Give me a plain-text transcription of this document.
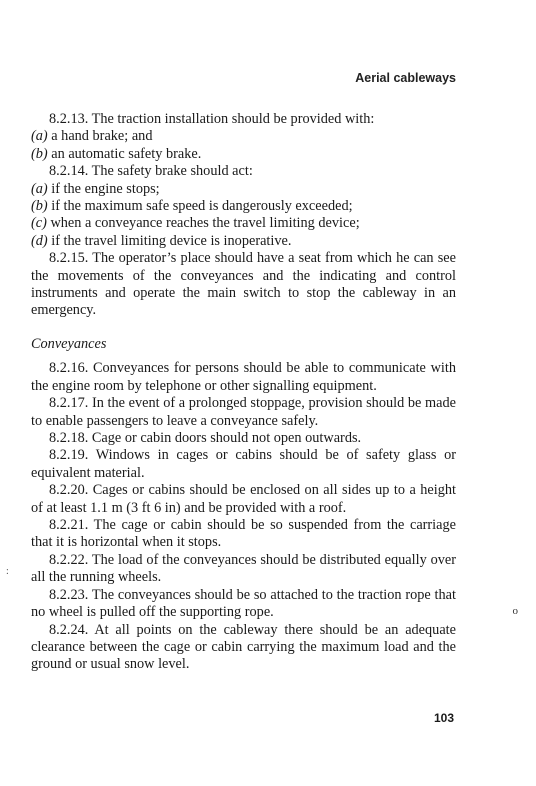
Aerial cableways

8.2.13. The traction installation should be provided with:

(a) a hand brake; and

(b) an automatic safety brake.

8.2.14. The safety brake should act:

(a) if the engine stops;

(b) if the maximum safe speed is dangerously exceeded;

(c) when a conveyance reaches the travel limiting device;

(d) if the travel limiting device is inoperative.

8.2.15. The operator’s place should have a seat from which he can see the movements of the conveyances and the indicating and control instruments and operate the main switch to stop the cableway in an emergency.

Conveyances

8.2.16. Conveyances for persons should be able to communicate with the engine room by telephone or other signalling equipment.

8.2.17. In the event of a prolonged stoppage, provision should be made to enable passengers to leave a conveyance safely.

8.2.18. Cage or cabin doors should not open outwards.

8.2.19. Windows in cages or cabins should be of safety glass or equivalent material.

8.2.20. Cages or cabins should be enclosed on all sides up to a height of at least 1.1 m (3 ft 6 in) and be provided with a roof.

8.2.21. The cage or cabin should be so suspended from the carriage that it is horizontal when it stops.

8.2.22. The load of the conveyances should be distributed equally over all the running wheels.

8.2.23. The conveyances should be so attached to the traction rope that no wheel is pulled off the supporting rope.

8.2.24. At all points on the cableway there should be an adequate clearance between the cage or cabin carrying the maximum load and the ground or usual snow level.

o
:
103
